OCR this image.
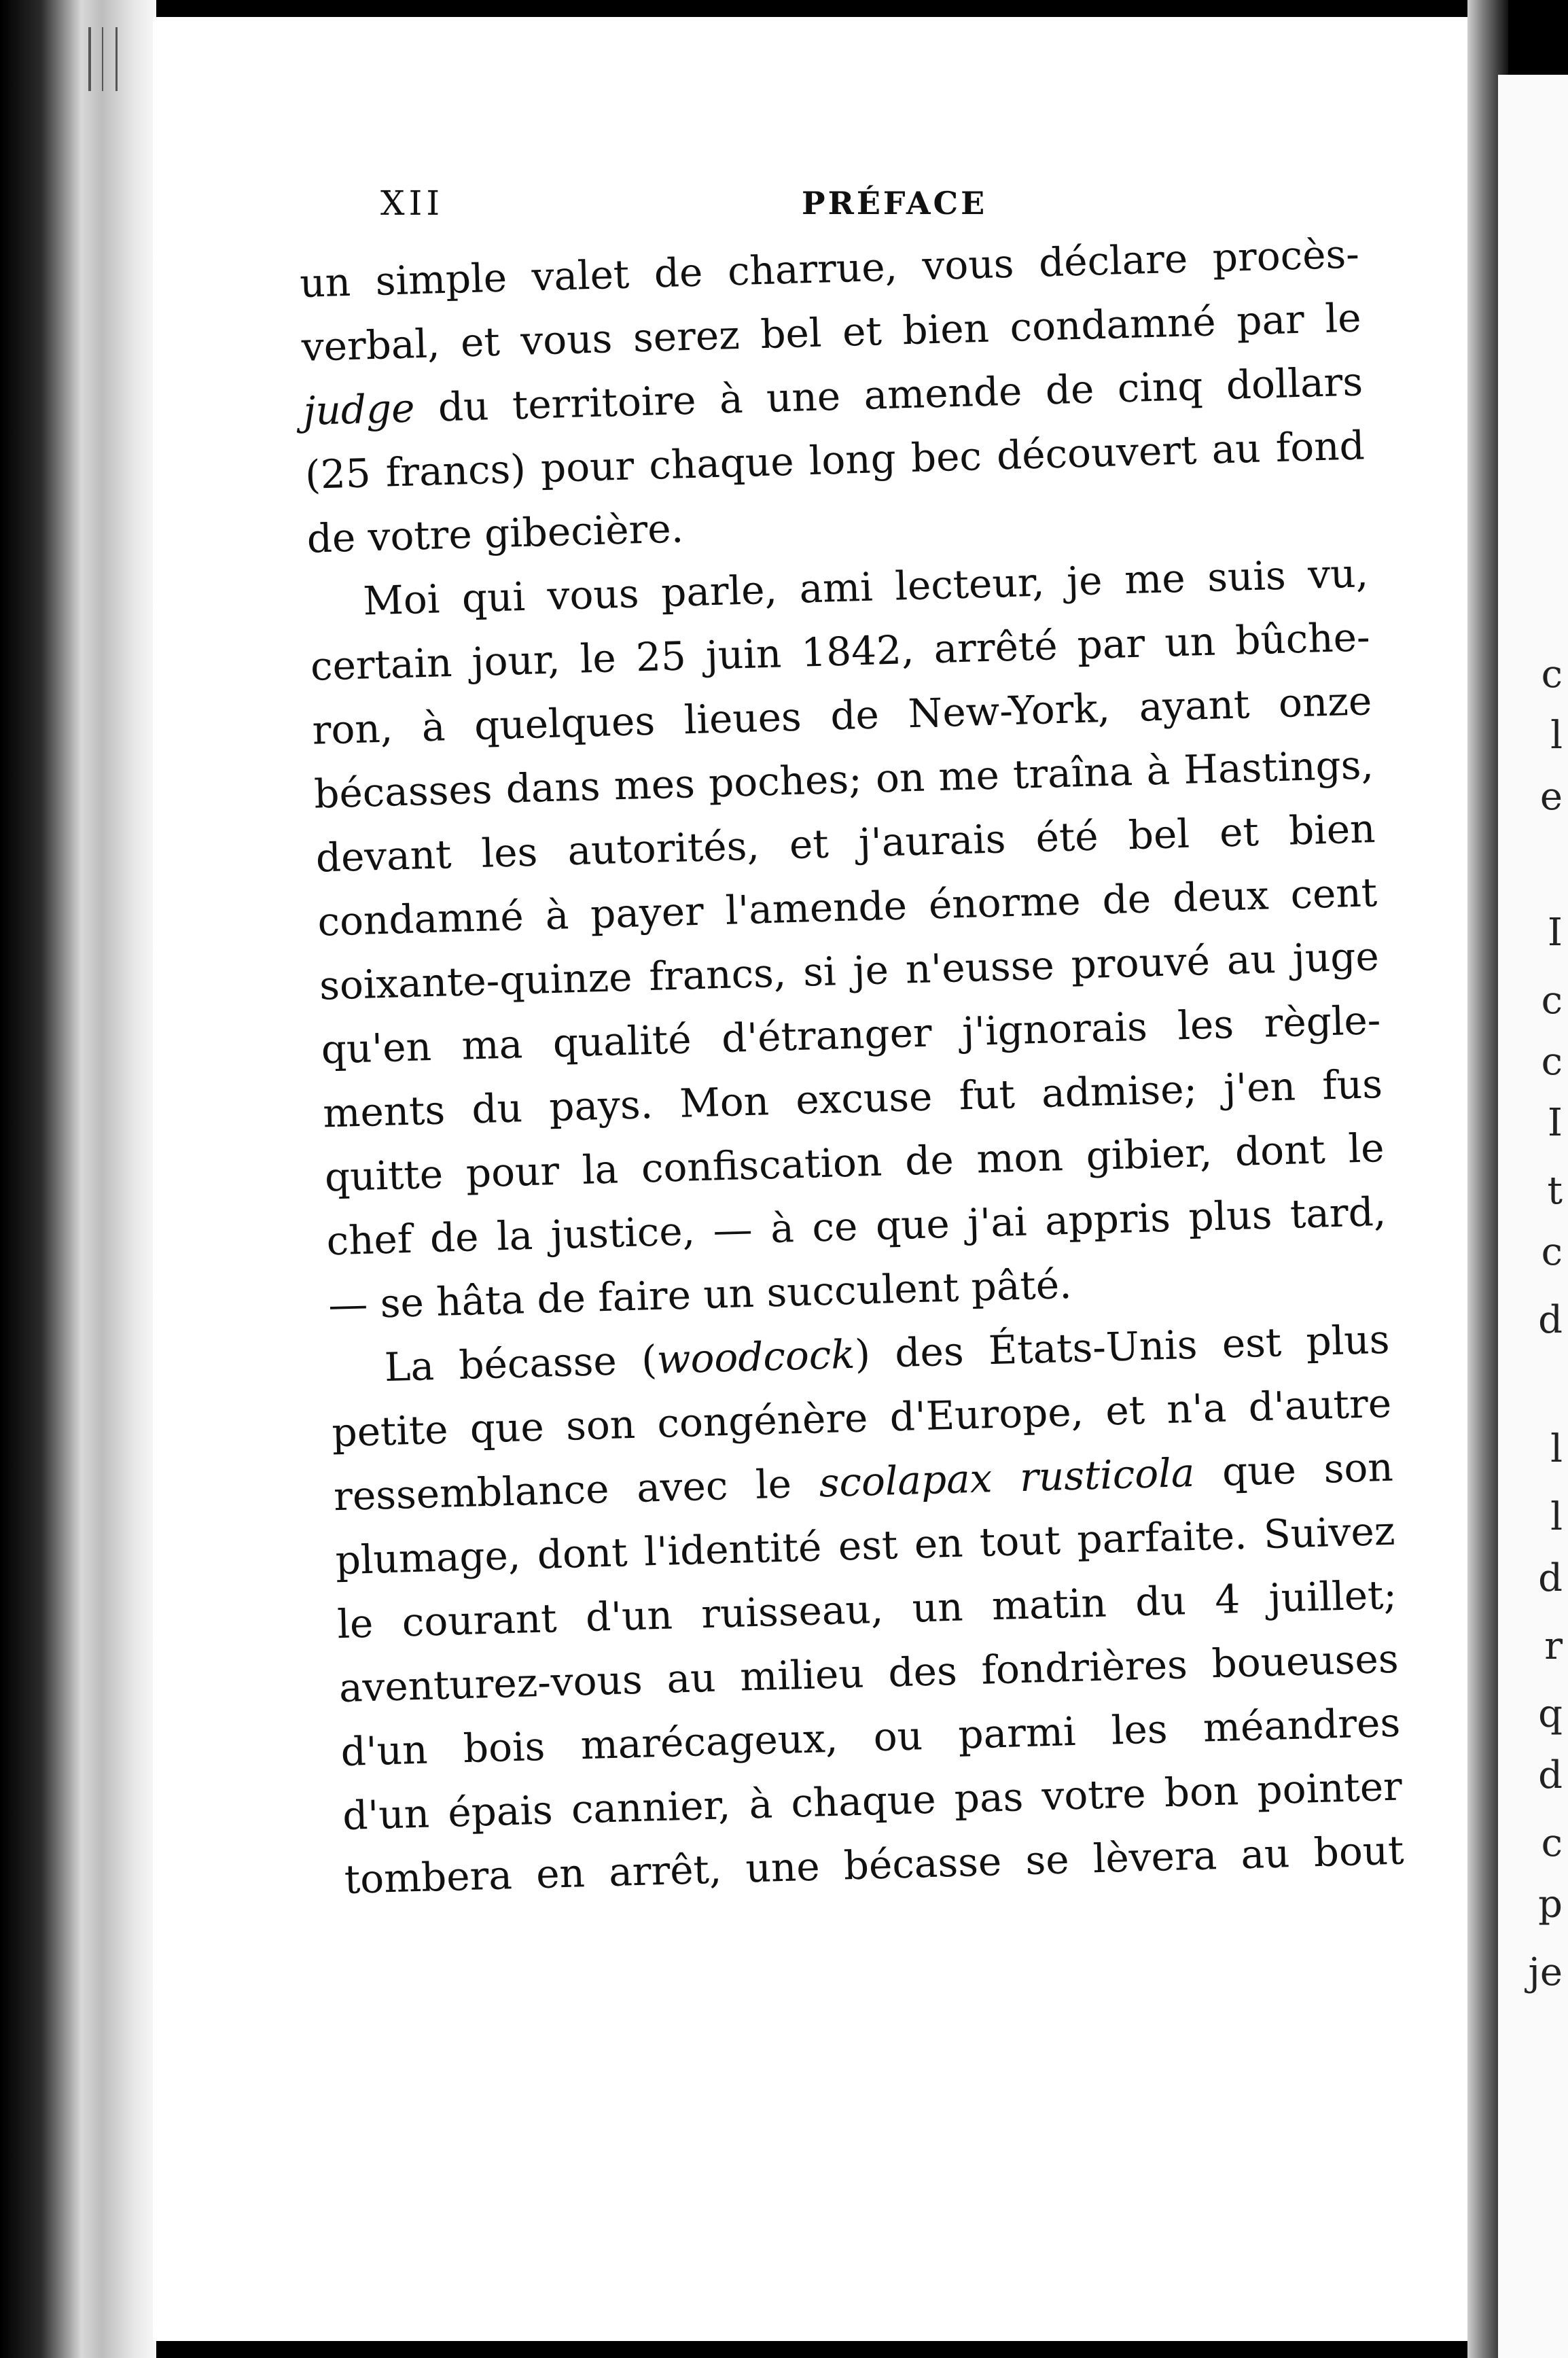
c
l
e
I
c
c
I
t
c
d
l
l
d
r
q
d
c
p
je
XII	PRÉFACE
un simple valet de charrue, vous déclare procès-
verbal, et vous serez bel et bien condamné par le
judge du territoire à une amende de cinq dollars
(25 francs) pour chaque long bec découvert au fond
de votre gibecière.
Moi qui vous parle, ami lecteur, je me suis vu,
certain jour, le 25 juin 1842, arrêté par un bûche-
ron, à quelques lieues de New-York, ayant onze
bécasses dans mes poches; on me traîna à Hastings,
devant les autorités, et j'aurais été bel et bien
condamné à payer l'amende énorme de deux cent
soixante-quinze francs, si je n'eusse prouvé au juge
qu'en ma qualité d'étranger j'ignorais les règle-
ments du pays. Mon excuse fut admise; j'en fus
quitte pour la confiscation de mon gibier, dont le
chef de la justice, — à ce que j'ai appris plus tard,
— se hâta de faire un succulent pâté.
La bécasse (woodcock) des États-Unis est plus
petite que son congénère d'Europe, et n'a d'autre
ressemblance avec le scolapax rusticola que son
plumage, dont l'identité est en tout parfaite. Suivez
le courant d'un ruisseau, un matin du 4 juillet;
aventurez-vous au milieu des fondrières boueuses
d'un bois marécageux, ou parmi les méandres
d'un épais cannier, à chaque pas votre bon pointer
tombera en arrêt, une bécasse se lèvera au bout
